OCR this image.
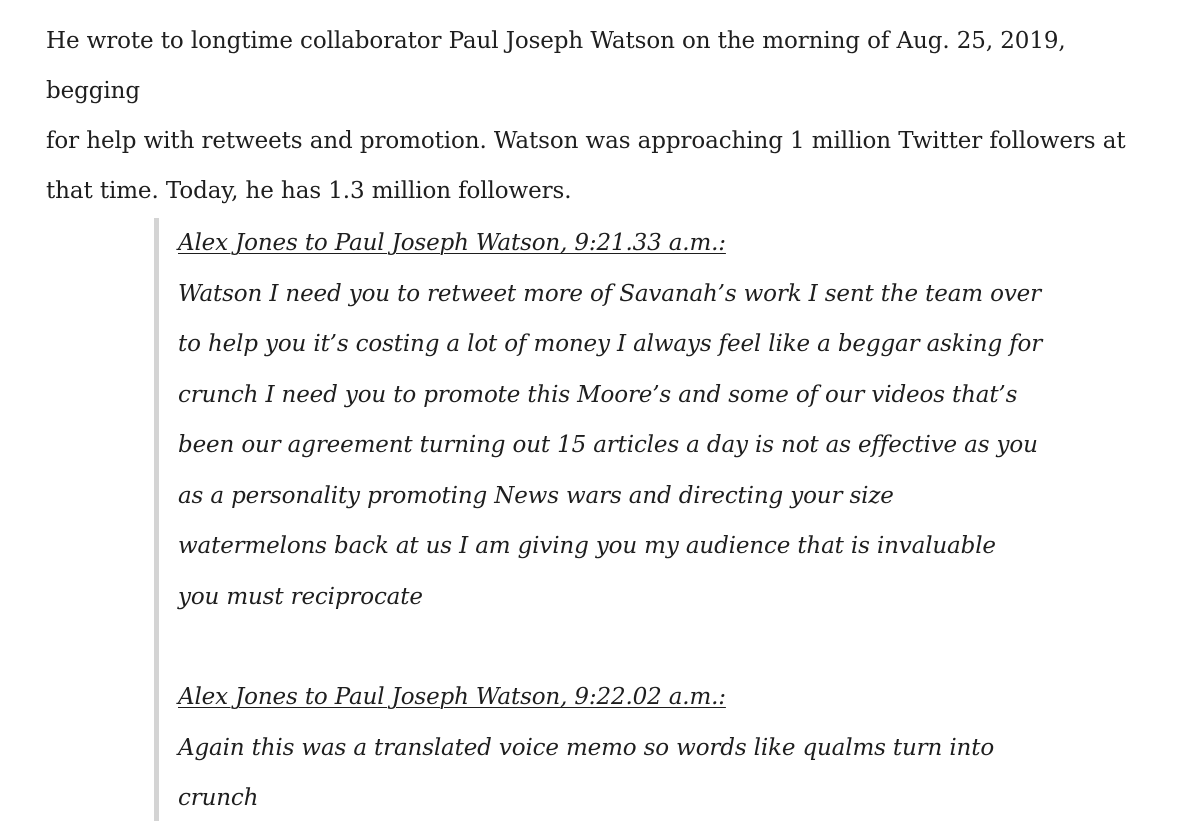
He wrote to longtime collaborator Paul Joseph Watson on the morning of Aug. 25, 2019, begging
for help with retweets and promotion. Watson was approaching 1 million Twitter followers at
that time. Today, he has 1.3 million followers.

Alex Jones to Paul Joseph Watson, 9:21.33 a.m.:
Watson I need you to retweet more of Savanah’s work I sent the team over
to help you it’s costing a lot of money I always feel like a beggar asking for
crunch I need you to promote this Moore’s and some of our videos that’s
been our agreement turning out 15 articles a day is not as effective as you
as a personality promoting News wars and directing your size
watermelons back at us I am giving you my audience that is invaluable
you must reciprocate

Alex Jones to Paul Joseph Watson, 9:22.02 a.m.:
Again this was a translated voice memo so words like qualms turn into
crunch
